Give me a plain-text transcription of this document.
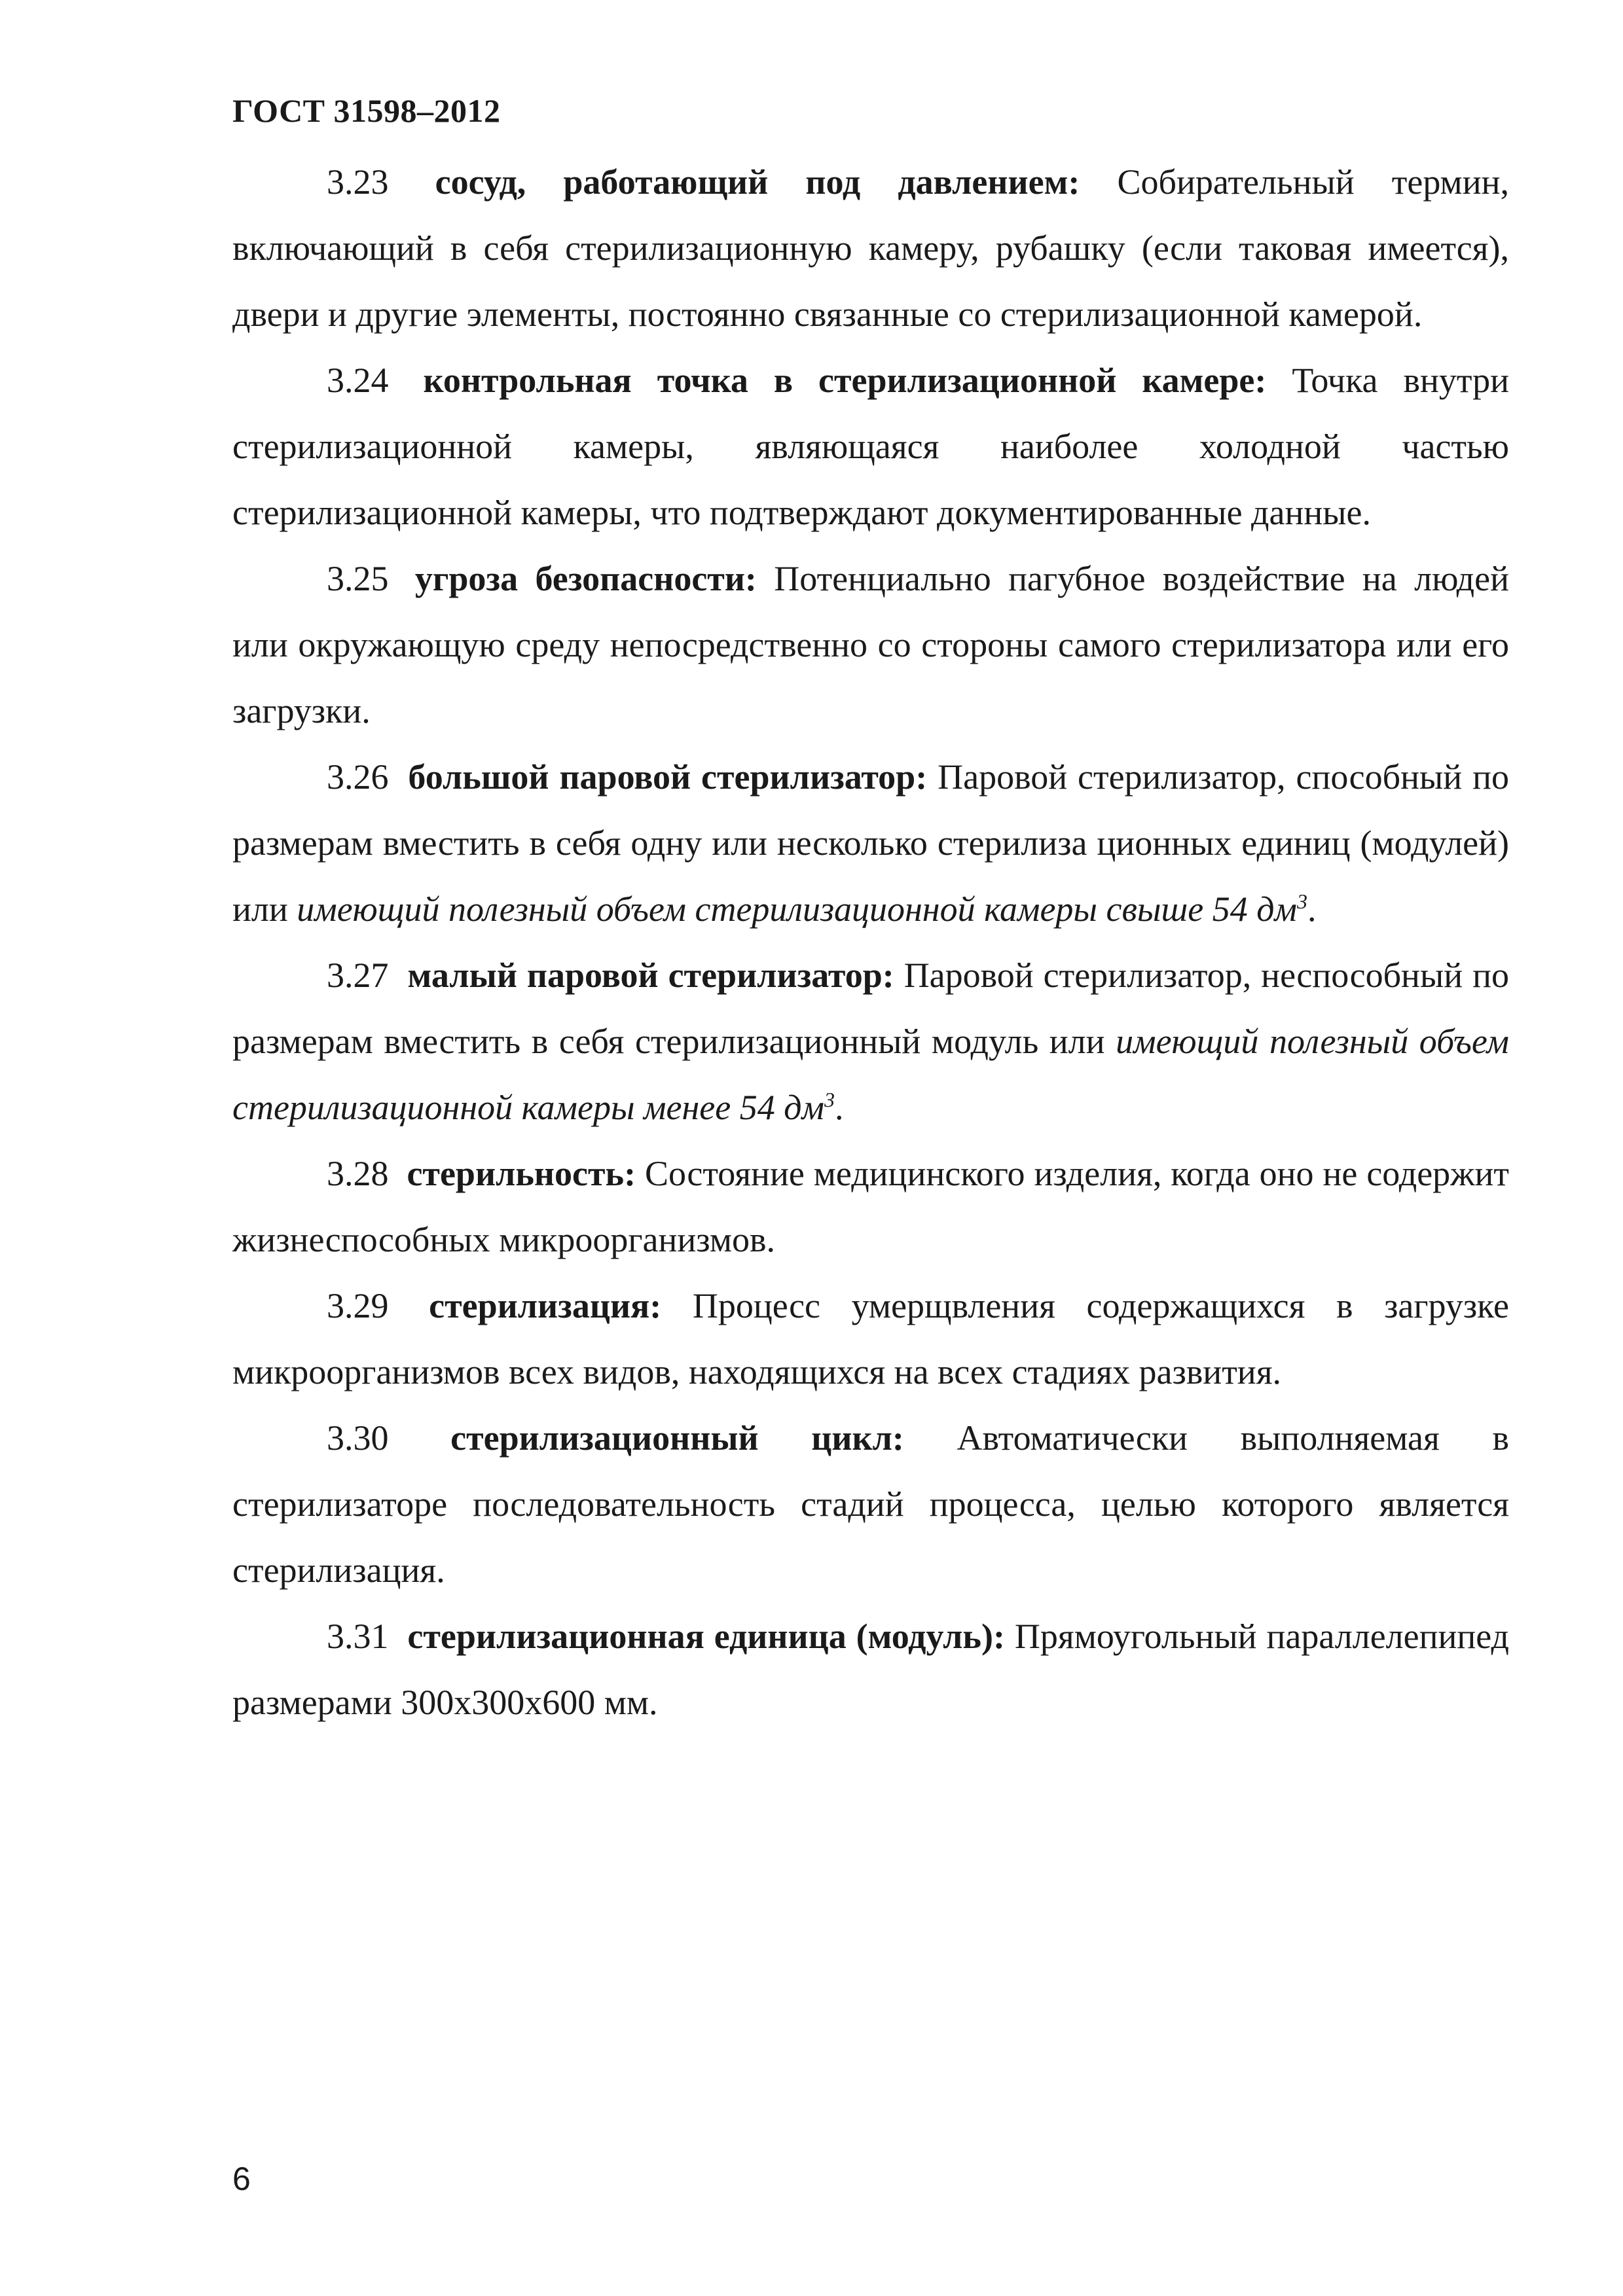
ГОСТ 31598–2012

3.23 сосуд, работающий под давлением: Собирательный термин, включающий в себя стерилизационную камеру, рубашку (если таковая имеется), двери и другие элементы, постоянно связанные со стерилизационной камерой.

3.24 контрольная точка в стерилизационной камере: Точка внутри стерилизационной камеры, являющаяся наиболее холодной частью стерилизационной камеры, что подтверждают документированные данные.

3.25 угроза безопасности: Потенциально пагубное воздействие на людей или окружающую среду непосредственно со стороны самого стерилизатора или его загрузки.

3.26 большой паровой стерилизатор: Паровой стерилизатор, способный по размерам вместить в себя одну или несколько стерилиза ционных единиц (модулей) или имеющий полезный объем стерилизационной камеры свыше 54 $дм^3$.

3.27 малый паровой стерилизатор: Паровой стерилизатор, неспособный по размерам вместить в себя стерилизационный модуль или имеющий полезный объем стерилизационной камеры менее 54 $дм^3$.

3.28 стерильность: Состояние медицинского изделия, когда оно не содержит жизнеспособных микроорганизмов.

3.29 стерилизация: Процесс умерщвления содержащихся в загрузке микроорганизмов всех видов, находящихся на всех стадиях развития.

3.30 стерилизационный цикл: Автоматически выполняемая в стерилизаторе последовательность стадий процесса, целью которого является стерилизация.

3.31 стерилизационная единица (модуль): Прямоугольный параллелепипед размерами 300х300х600 мм.

6
